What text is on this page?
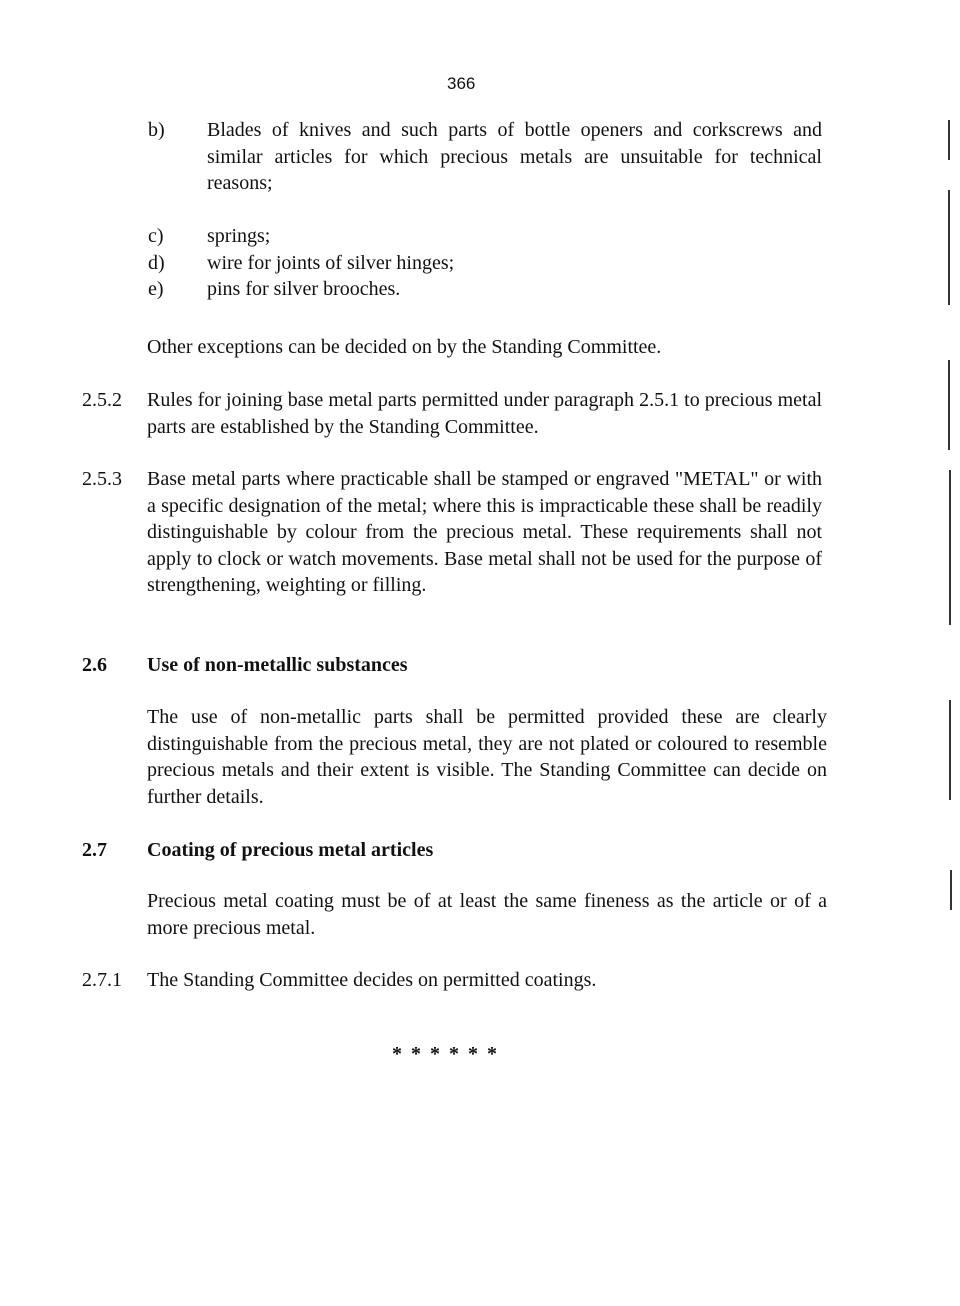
366
b) Blades of knives and such parts of bottle openers and corkscrews and similar articles for which precious metals are unsuitable for technical reasons;
c) springs;
d) wire for joints of silver hinges;
e) pins for silver brooches.
Other exceptions can be decided on by the Standing Committee.
2.5.2 Rules for joining base metal parts permitted under paragraph 2.5.1 to precious metal parts are established by the Standing Committee.
2.5.3 Base metal parts where practicable shall be stamped or engraved "METAL" or with a specific designation of the metal; where this is impracticable these shall be readily distinguishable by colour from the precious metal. These requirements shall not apply to clock or watch movements. Base metal shall not be used for the purpose of strengthening, weighting or filling.
2.6 Use of non-metallic substances
The use of non-metallic parts shall be permitted provided these are clearly distinguishable from the precious metal, they are not plated or coloured to resemble precious metals and their extent is visible. The Standing Committee can decide on further details.
2.7 Coating of precious metal articles
Precious metal coating must be of at least the same fineness as the article or of a more precious metal.
2.7.1 The Standing Committee decides on permitted coatings.
* * * * * *
